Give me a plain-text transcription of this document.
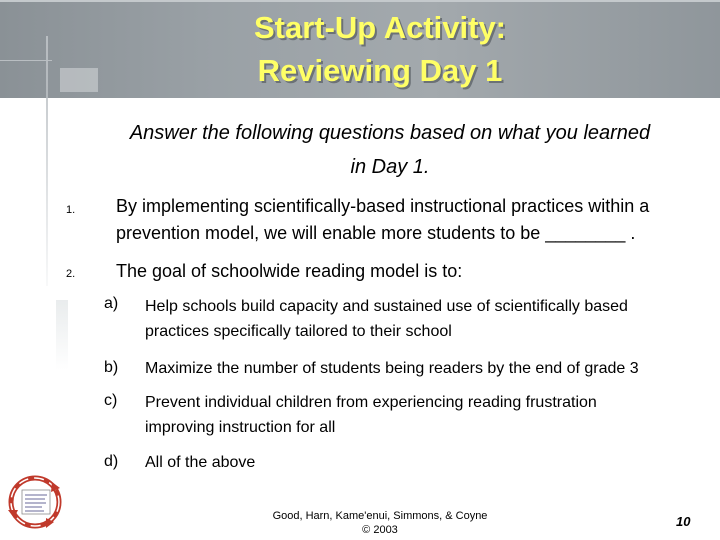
Start-Up Activity:
Reviewing Day 1
Answer the following questions based on what you learned
in Day 1.
1. By implementing scientifically-based instructional practices within a
prevention model, we will enable more students to be ________ .
2. The goal of schoolwide reading model is to:
a) Help schools build capacity and sustained use of scientifically based
practices specifically tailored to their school
b) Maximize the number of students being readers by the end of grade 3
c) Prevent individual children from experiencing reading frustration
improving instruction for all
d) All of the above
Good, Harn, Kame'enui, Simmons, & Coyne
© 2003
10
